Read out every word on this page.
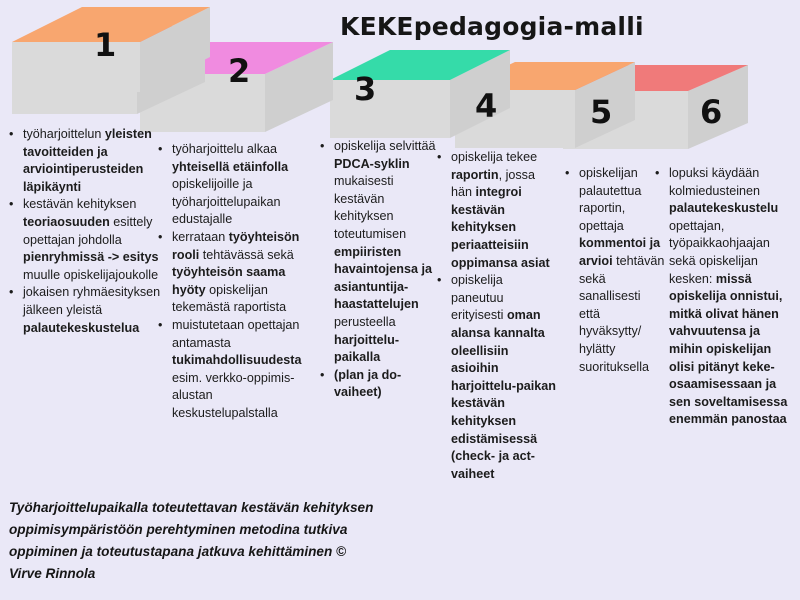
KEKEpedagogia-malli
1
2	3	4	5	6
• työharjoittelun yleisten tavoitteiden ja arviointiperusteiden läpikäynti
• kestävän kehityksen teoriaosuuden esittely opettajan johdolla pienryhmissä -> esitys muulle opiskelijajoukolle
• jokaisen ryhmäesityksen jälkeen yleistä palautekeskustelua
• työharjoittelu alkaa yhteisellä etäinfolla opiskelijoille ja työharjoittelupaikan edustajalle
• kerrataan työyhteisön rooli tehtävässä sekä työyhteisön saama hyöty opiskelijan tekemästä raportista
• muistutetaan opettajan antamasta tukimahdollisuudesta esim. verkko-oppimis-alustan keskustelupalstalla
• opiskelija selvittää PDCA-syklin mukaisesti kestävän kehityksen toteutumisen empiiristen havaintojensa ja asiantuntija-haastattelujen perusteella harjoittelu-paikalla
• (plan ja do-vaiheet)
• opiskelija tekee raportin, jossa hän integroi kestävän kehityksen periaatteisiin oppimansa asiat
• opiskelija paneutuu erityisesti oman alansa kannalta oleellisiin asioihin harjoittelu-paikan kestävän kehityksen edistämisessä (check- ja act-vaiheet
• opiskelijan palautettua raportin, opettaja kommentoi ja arvioi tehtävän sekä sanallisesti että hyväksytty/ hylätty suorituksella
• lopuksi käydään kolmiedusteinen palautekeskustelu opettajan, työpaikkaohjaajan sekä opiskelijan kesken: missä opiskelija onnistui, mitkä olivat hänen vahvuutensa ja mihin opiskelijan olisi pitänyt keke-osaamisessaan ja sen soveltamisessa enemmän panostaa
Työharjoittelupaikalla toteutettavan kestävän kehityksen oppimisympäristöön perehtyminen metodina tutkiva oppiminen ja toteutustapana jatkuva kehittäminen © Virve Rinnola
